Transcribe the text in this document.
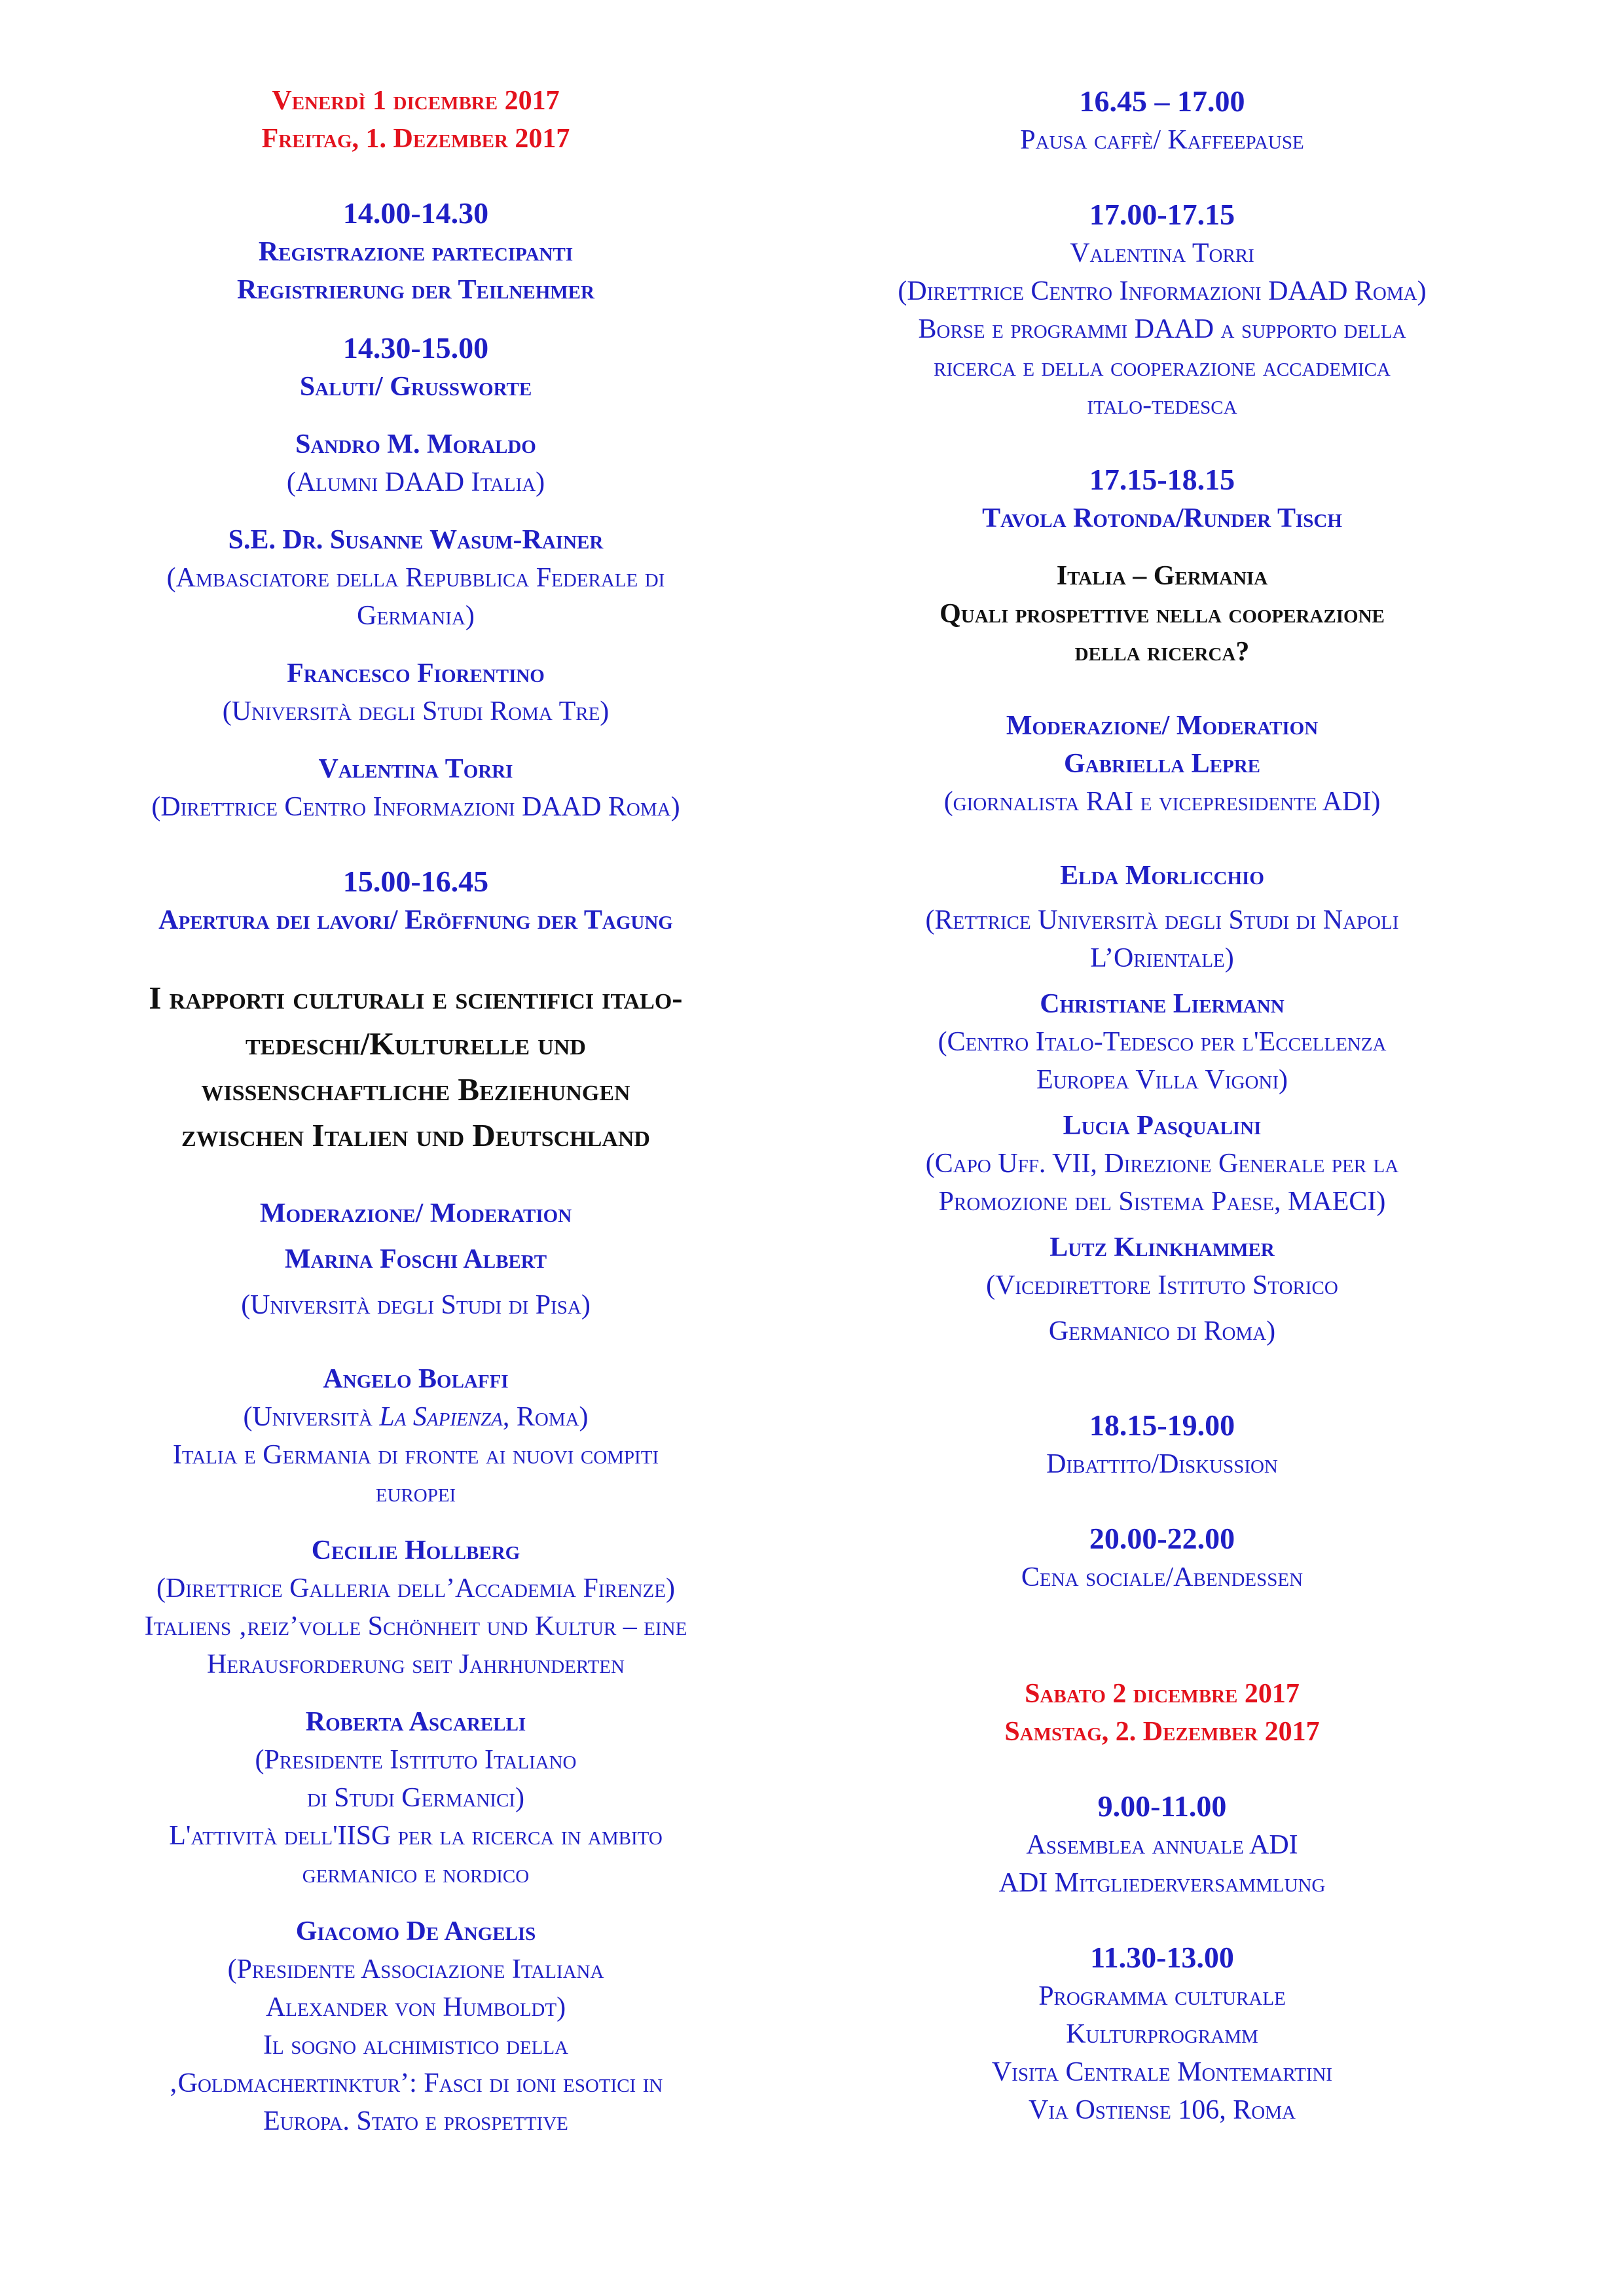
Venerdì 1 dicembre 2017
Freitag, 1. Dezember 2017
14.00-14.30
Registrazione partecipanti
Registrierung der Teilnehmer
14.30-15.00
Saluti/ Grussworte
Sandro M. Moraldo
(Alumni DAAD Italia)
S.E. Dr. Susanne Wasum-Rainer
(Ambasciatore della Repubblica Federale di
Germania)
Francesco Fiorentino
(Università degli Studi Roma Tre)
Valentina Torri
(Direttrice Centro Informazioni DAAD Roma)
15.00-16.45
Apertura dei lavori/ Eröffnung der Tagung
I rapporti culturali e scientifici italo-
tedeschi/Kulturelle und
wissenschaftliche Beziehungen
zwischen Italien und Deutschland
Moderazione/ Moderation
Marina Foschi Albert
(Università degli Studi di Pisa)
Angelo Bolaffi
(Università La Sapienza, Roma)
Italia e Germania di fronte ai nuovi compiti
europei
Cecilie Hollberg
(Direttrice Galleria dell’Accademia Firenze)
Italiens ‚reiz’volle Schönheit und Kultur – eine
Herausforderung seit Jahrhunderten
Roberta Ascarelli
(Presidente Istituto Italiano
di Studi Germanici)
L'attività dell'IISG per la ricerca in ambito
germanico e nordico
Giacomo De Angelis
(Presidente Associazione Italiana
Alexander von Humboldt)
Il sogno alchimistico della
‚Goldmachertinktur’: Fasci di ioni esotici in
Europa. Stato e prospettive
16.45 – 17.00
Pausa caffè/ Kaffeepause
17.00-17.15
Valentina Torri
(Direttrice Centro Informazioni DAAD Roma)
Borse e programmi DAAD a supporto della
ricerca e della cooperazione accademica
italo-tedesca
17.15-18.15
Tavola Rotonda/Runder Tisch
Italia – Germania
Quali prospettive nella cooperazione
della ricerca?
Moderazione/ Moderation
Gabriella Lepre
(giornalista RAI e vicepresidente ADI)
Elda Morlicchio
(Rettrice Università degli Studi di Napoli
L’Orientale)
Christiane Liermann
(Centro Italo-Tedesco per l'Eccellenza
Europea Villa Vigoni)
Lucia Pasqualini
(Capo Uff. VII, Direzione Generale per la
Promozione del Sistema Paese, MAECI)
Lutz Klinkhammer
(Vicedirettore Istituto Storico
Germanico di Roma)
18.15-19.00
Dibattito/Diskussion
20.00-22.00
Cena sociale/Abendessen
Sabato 2 dicembre 2017
Samstag, 2. Dezember 2017
9.00-11.00
Assemblea annuale ADI
ADI Mitgliederversammlung
11.30-13.00
Programma culturale
Kulturprogramm
Visita Centrale Montemartini
Via Ostiense 106, Roma
